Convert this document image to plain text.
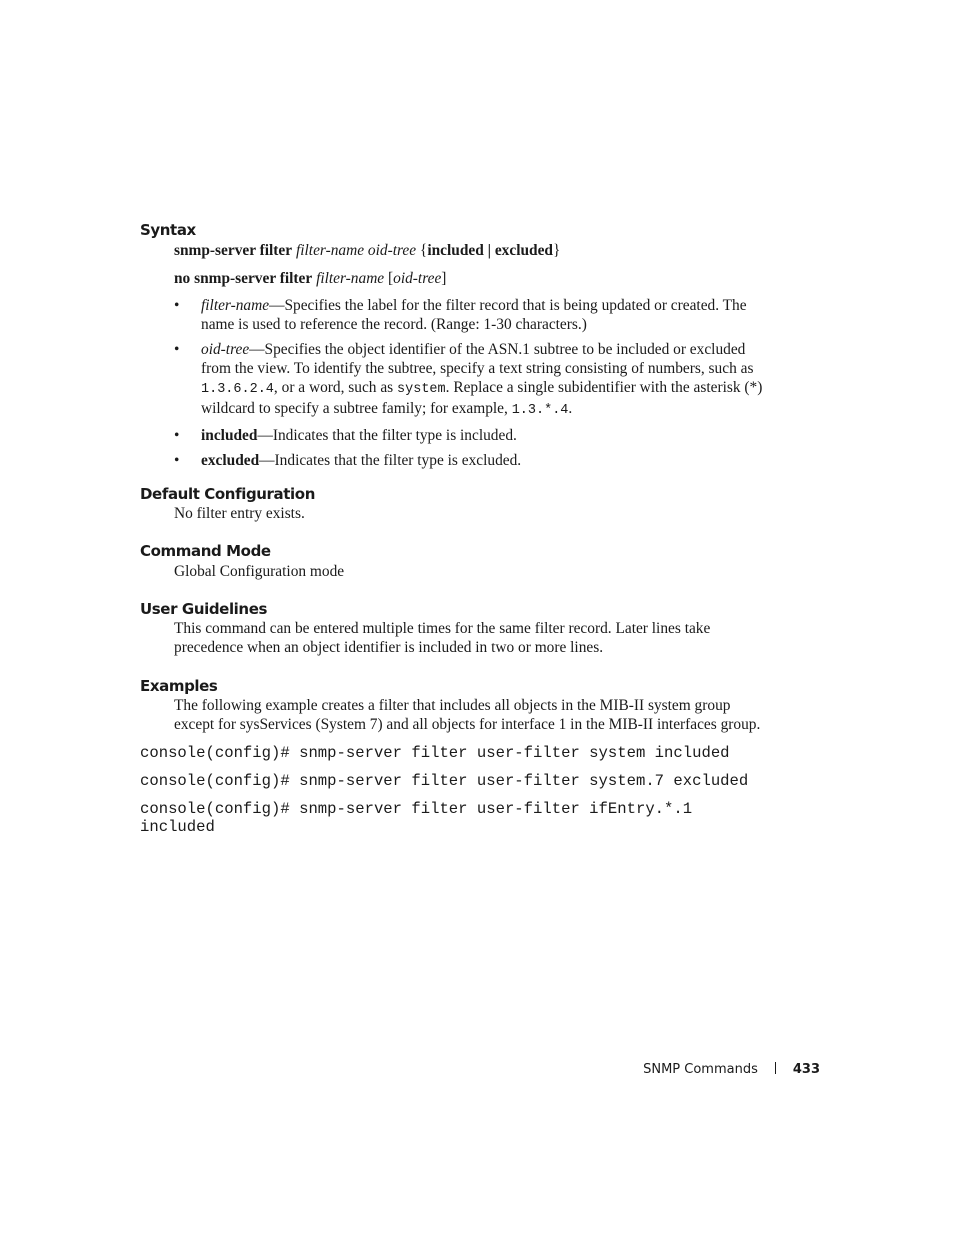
Syntax

snmp-server filter filter-name oid-tree {included | excluded}

no snmp-server filter filter-name [oid-tree]

• filter-name—Specifies the label for the filter record that is being updated or created. The name is used to reference the record. (Range: 1-30 characters.)
• oid-tree—Specifies the object identifier of the ASN.1 subtree to be included or excluded from the view. To identify the subtree, specify a text string consisting of numbers, such as 1.3.6.2.4, or a word, such as system. Replace a single subidentifier with the asterisk (*) wildcard to specify a subtree family; for example, 1.3.*.4.
• included—Indicates that the filter type is included.
• excluded—Indicates that the filter type is excluded.
Default Configuration

No filter entry exists.

Command Mode

Global Configuration mode

User Guidelines

This command can be entered multiple times for the same filter record. Later lines take precedence when an object identifier is included in two or more lines.

Examples

The following example creates a filter that includes all objects in the MIB-II system group except for sysServices (System 7) and all objects for interface 1 in the MIB-II interfaces group.

console(config)# snmp-server filter user-filter system included
console(config)# snmp-server filter user-filter system.7 excluded
console(config)# snmp-server filter user-filter ifEntry.*.1
included
SNMP Commands	433
